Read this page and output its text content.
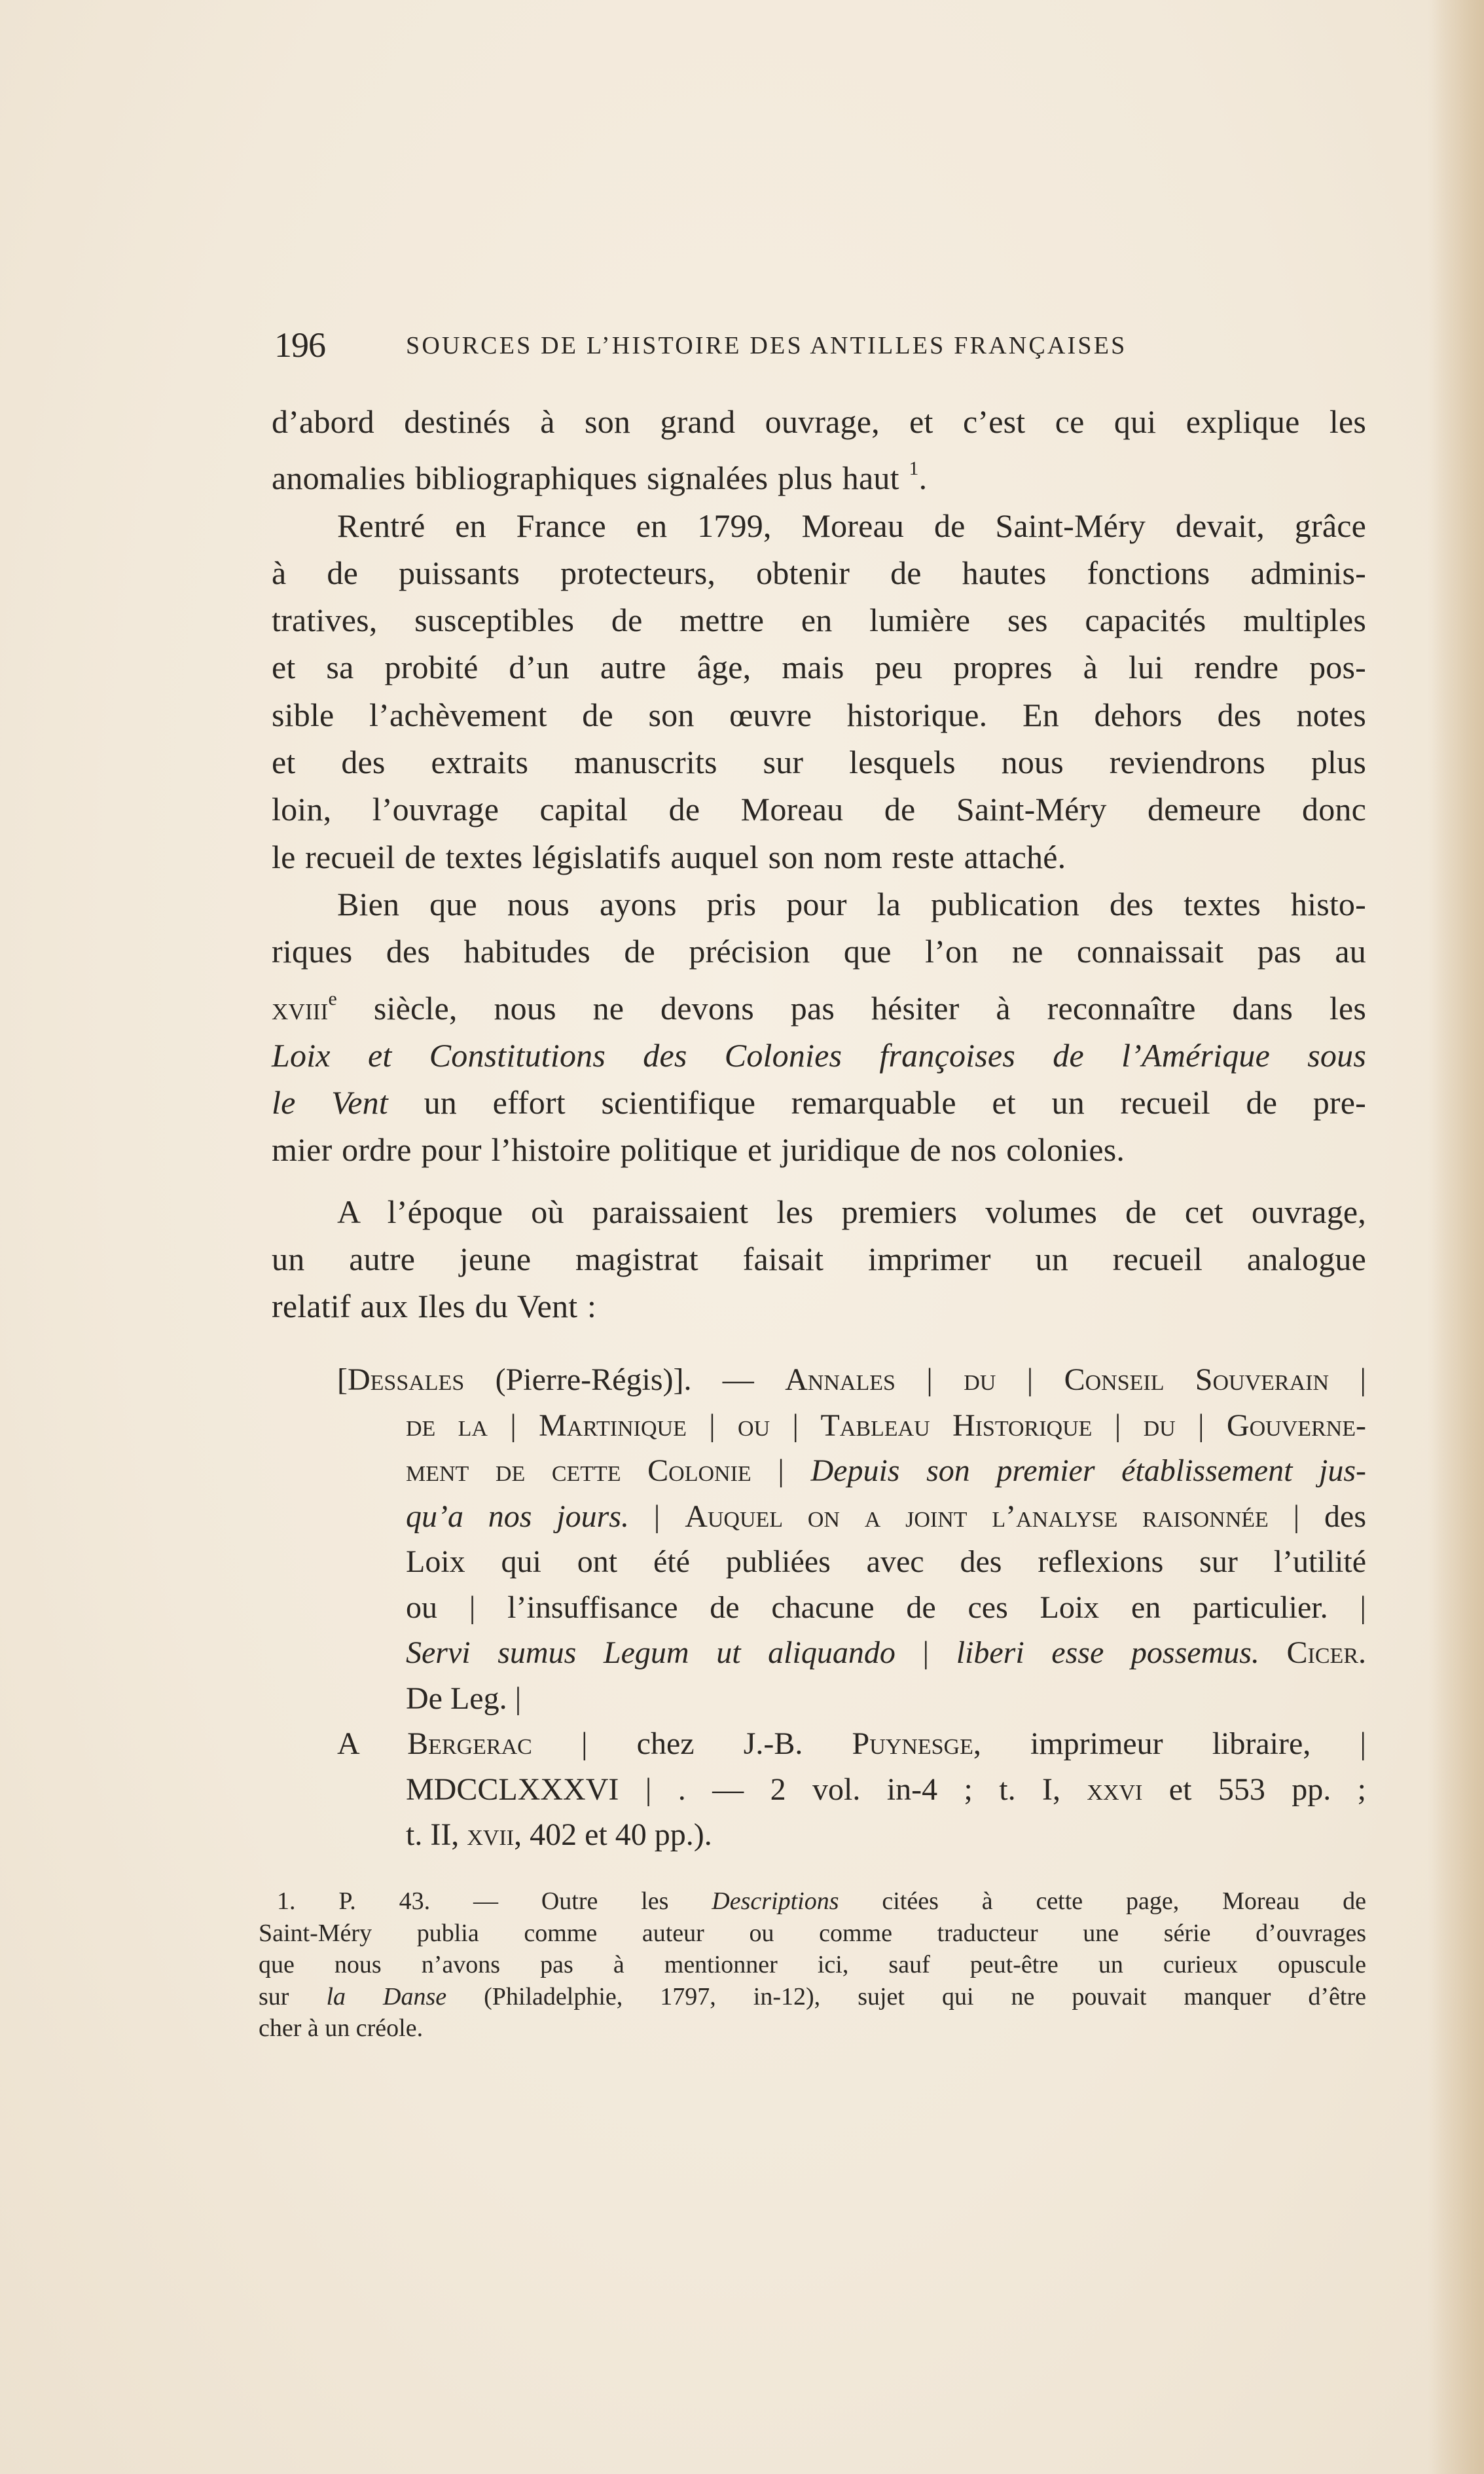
196	SOURCES DE L’HISTOIRE DES ANTILLES FRANÇAISES

d’abord destinés à son grand ouvrage, et c’est ce qui explique les
anomalies bibliographiques signalées plus haut $^1$.

Rentré en France en 1799, Moreau de Saint-Méry devait, grâce
à de puissants protecteurs, obtenir de hautes fonctions adminis-
tratives, susceptibles de mettre en lumière ses capacités multiples
et sa probité d’un autre âge, mais peu propres à lui rendre pos-
sible l’achèvement de son œuvre historique. En dehors des notes
et des extraits manuscrits sur lesquels nous reviendrons plus
loin, l’ouvrage capital de Moreau de Saint-Méry demeure donc
le recueil de textes législatifs auquel son nom reste attaché.

Bien que nous ayons pris pour la publication des textes histo-
riques des habitudes de précision que l’on ne connaissait pas au
xviii$^e$ siècle, nous ne devons pas hésiter à reconnaître dans les
Loix et Constitutions des Colonies françoises de l’Amérique sous
le Vent un effort scientifique remarquable et un recueil de pre-
mier ordre pour l’histoire politique et juridique de nos colonies.

A l’époque où paraissaient les premiers volumes de cet ouvrage,
un autre jeune magistrat faisait imprimer un recueil analogue
relatif aux Iles du Vent :

[Dessales (Pierre-Régis)]. — Annales | du | Conseil Souverain |
de la | Martinique | ou | Tableau Historique | du | Gouverne-
ment de cette Colonie | Depuis son premier établissement jus-
qu’a nos jours. | Auquel on a joint l’analyse raisonnée | des
Loix qui ont été publiées avec des reflexions sur l’utilité
ou | l’insuffisance de chacune de ces Loix en particulier. |
Servi sumus Legum ut aliquando | liberi esse possemus. Cicer.
De Leg. |

A Bergerac | chez J.-B. Puynesge, imprimeur libraire, |
MDCCLXXXVI | . — 2 vol. in-4 ; t. I, xxvi et 553 pp. ;
t. II, xvii, 402 et 40 pp.).

1. P. 43. — Outre les Descriptions citées à cette page, Moreau de
Saint-Méry publia comme auteur ou comme traducteur une série d’ouvrages
que nous n’avons pas à mentionner ici, sauf peut-être un curieux opuscule
sur la Danse (Philadelphie, 1797, in-12), sujet qui ne pouvait manquer d’être
cher à un créole.
